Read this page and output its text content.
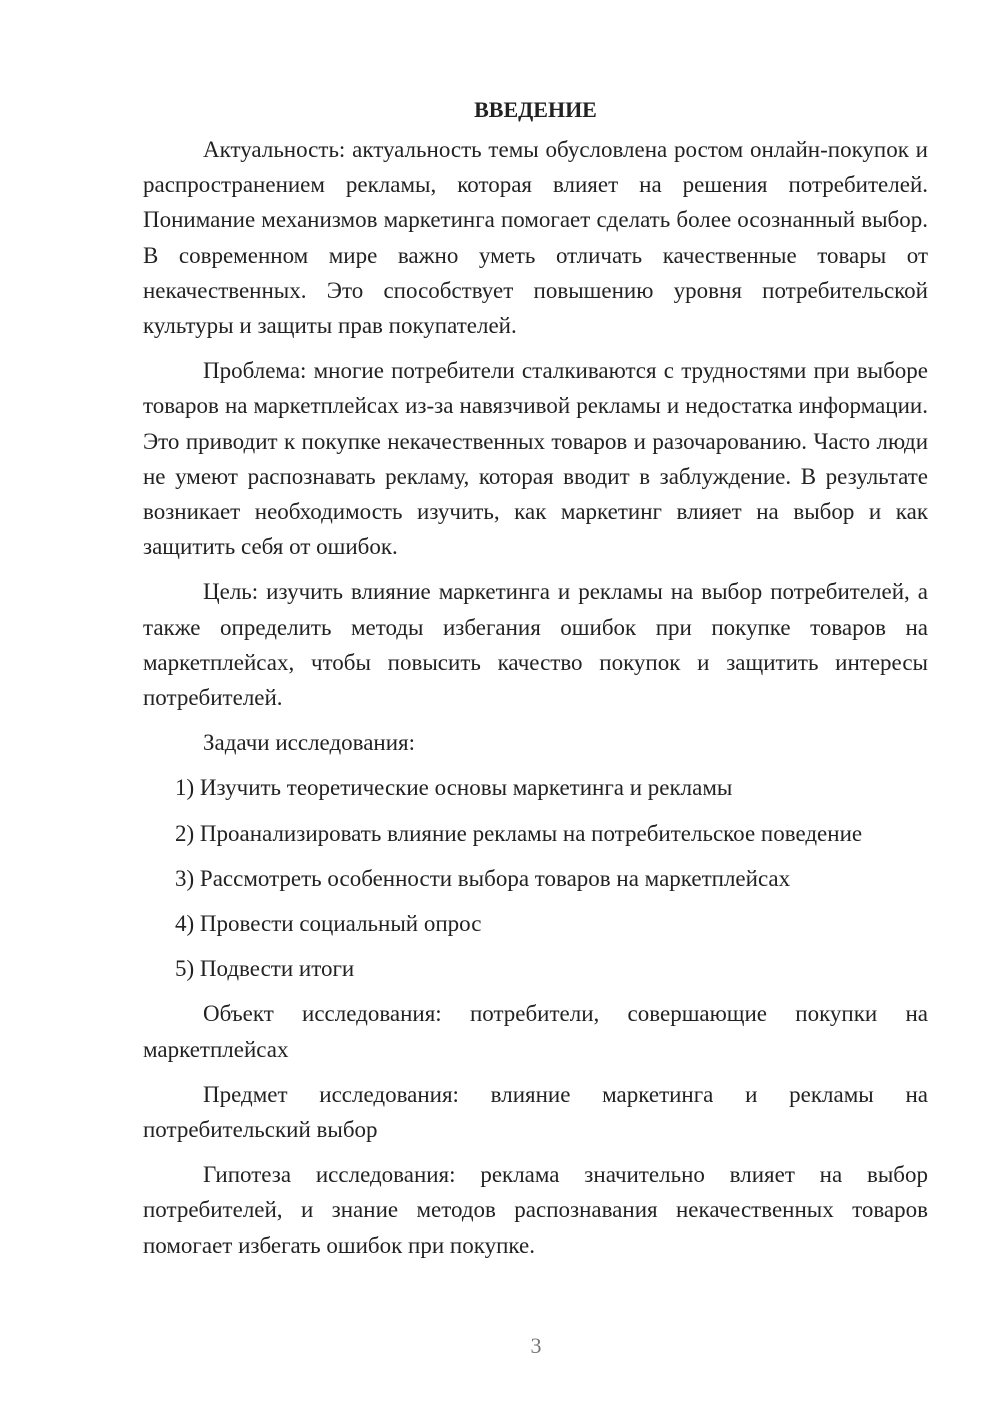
ВВЕДЕНИЕ

Актуальность: актуальность темы обусловлена ростом онлайн-покупок и распространением рекламы, которая влияет на решения потребителей. Понимание механизмов маркетинга помогает сделать более осознанный выбор. В современном мире важно уметь отличать качественные товары от некачественных. Это способствует повышению уровня потребительской культуры и защиты прав покупателей.

Проблема: многие потребители сталкиваются с трудностями при выборе товаров на маркетплейсах из-за навязчивой рекламы и недостатка информации. Это приводит к покупке некачественных товаров и разочарованию. Часто люди не умеют распознавать рекламу, которая вводит в заблуждение. В результате возникает необходимость изучить, как маркетинг влияет на выбор и как защитить себя от ошибок.

Цель: изучить влияние маркетинга и рекламы на выбор потребителей, а также определить методы избегания ошибок при покупке товаров на маркетплейсах, чтобы повысить качество покупок и защитить интересы потребителей.

Задачи исследования:

1) Изучить теоретические основы маркетинга и рекламы
2) Проанализировать влияние рекламы на потребительское поведение
3) Рассмотреть особенности выбора товаров на маркетплейсах
4) Провести социальный опрос
5) Подвести итоги

Объект исследования: потребители, совершающие покупки на маркетплейсах

Предмет исследования: влияние маркетинга и рекламы на потребительский выбор

Гипотеза исследования: реклама значительно влияет на выбор потребителей, и знание методов распознавания некачественных товаров помогает избегать ошибок при покупке.

3
